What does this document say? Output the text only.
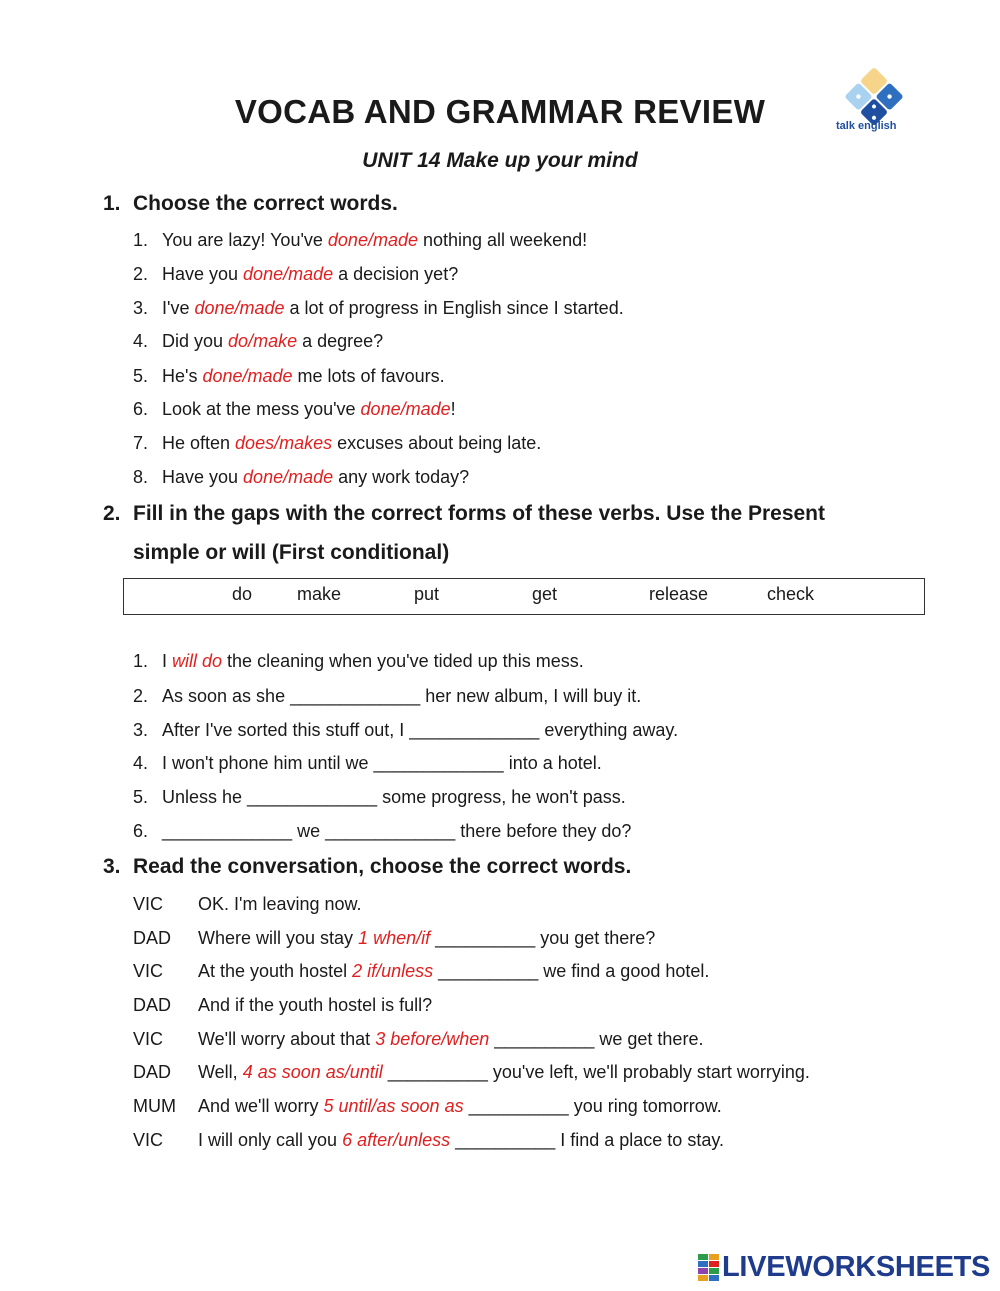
VOCAB AND GRAMMAR REVIEW
UNIT 14 Make up your mind
talk english
1. Choose the correct words.
1. You are lazy! You've done/made nothing all weekend!
2. Have you done/made a decision yet?
3. I've done/made a lot of progress in English since I started.
4. Did you do/make a degree?
5. He's done/made me lots of favours.
6. Look at the mess you've done/made!
7. He often does/makes excuses about being late.
8. Have you done/made any work today?
2. Fill in the gaps with the correct forms of these verbs. Use the Present
simple or will (First conditional)
do make	put	get	release	check
1. I will do the cleaning when you've tided up this mess.
2. As soon as she _____________ her new album, I will buy it.
3. After I've sorted this stuff out, I _____________ everything away.
4. I won't phone him until we _____________ into a hotel.
5. Unless he _____________ some progress, he won't pass.
6. _____________ we _____________ there before they do?
3. Read the conversation, choose the correct words.
VIC OK. I'm leaving now.
DAD Where will you stay 1 when/if __________ you get there?
VIC At the youth hostel 2 if/unless __________ we find a good hotel.
DAD And if the youth hostel is full?
VIC We'll worry about that 3 before/when __________ we get there.
DAD Well, 4 as soon as/until __________ you've left, we'll probably start worrying.
MUM And we'll worry 5 until/as soon as __________ you ring tomorrow.
VIC I will only call you 6 after/unless __________ I find a place to stay.
LIVEWORKSHEETS
